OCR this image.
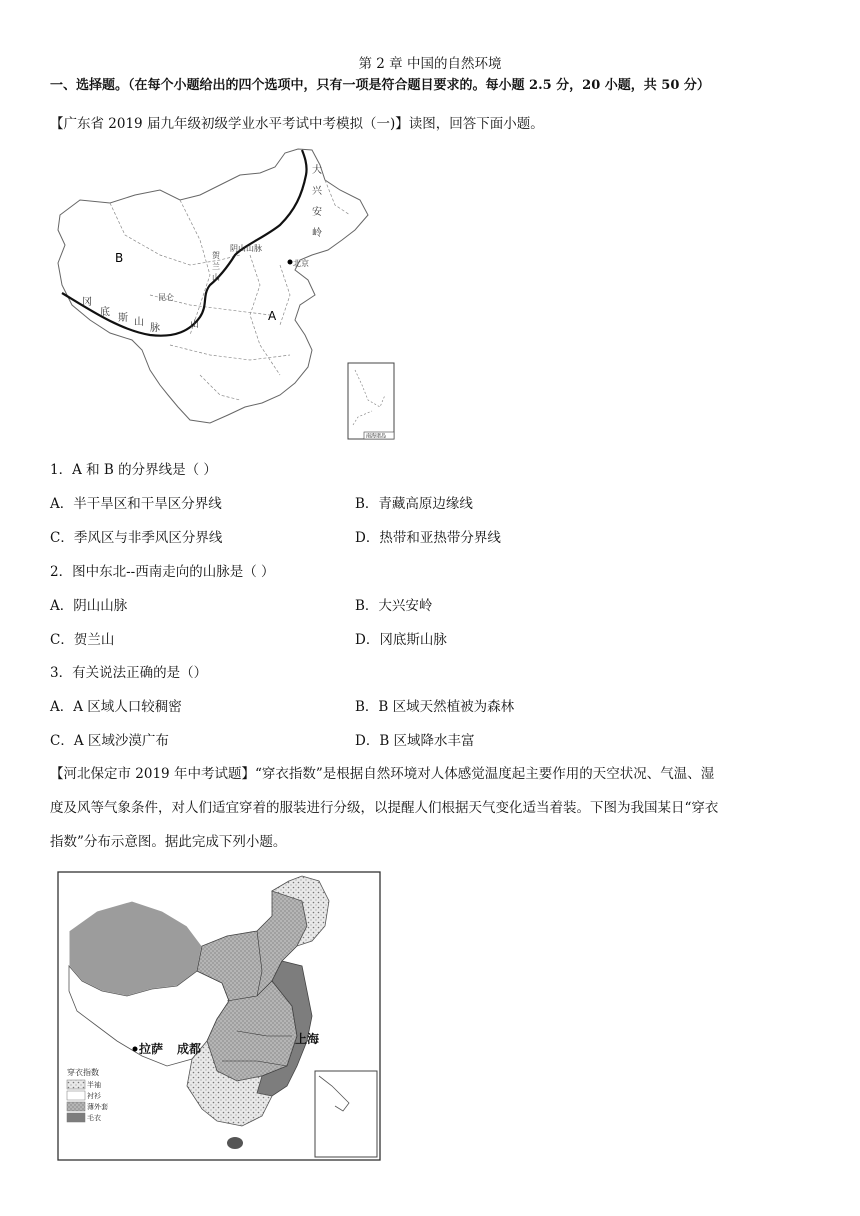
第 2 章 中国的自然环境
一、选择题。（在每个小题给出的四个选项中，只有一项是符合题目要求的。每小题 2.5 分，20 小题，共 50 分）
【广东省 2019 届九年级初级学业水平考试中考模拟（一)】读图，回答下面小题。
B
A
大
兴
安
岭
阴山山脉
贺
兰
山
北京
昆仑
冈
底
斯 山
脉	山
南海诸岛
1．A 和 B 的分界线是（ ）
A．半干旱区和干旱区分界线	B．青藏高原边缘线
C．季风区与非季风区分界线	D．热带和亚热带分界线
2．图中东北--西南走向的山脉是（ ）
A．阴山山脉	B．大兴安岭
C．贺兰山	D．冈底斯山脉
3．有关说法正确的是（）
A．A 区域人口较稠密	B．B 区域天然植被为森林
C．A 区域沙漠广布	D．B 区域降水丰富
【河北保定市 2019 年中考试题】“穿衣指数”是根据自然环境对人体感觉温度起主要作用的天空状况、气温、湿
度及风等气象条件，对人们适宜穿着的服装进行分级，以提醒人们根据天气变化适当着装。下图为我国某日“穿衣
指数”分布示意图。据此完成下列小题。
拉萨 成都
上海
穿衣指数
半袖
衬衫
薄外套
毛衣
